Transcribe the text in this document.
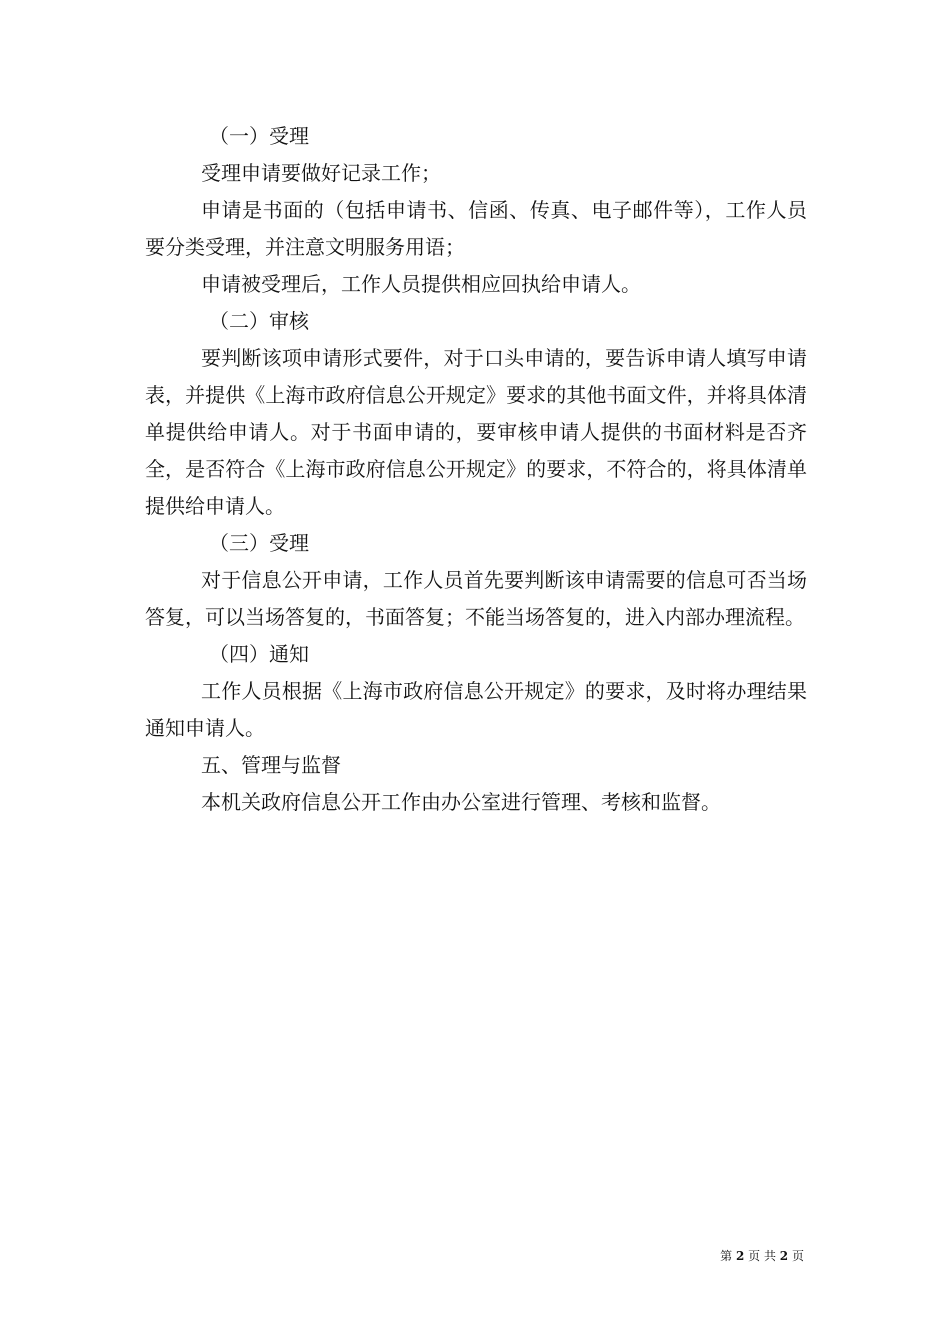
（一）受理

受理申请要做好记录工作；

申请是书面的（包括申请书、信函、传真、电子邮件等），工作人员要分类受理，并注意文明服务用语；

申请被受理后，工作人员提供相应回执给申请人。

（二）审核

要判断该项申请形式要件，对于口头申请的，要告诉申请人填写申请表，并提供《上海市政府信息公开规定》要求的其他书面文件，并将具体清单提供给申请人。对于书面申请的，要审核申请人提供的书面材料是否齐全，是否符合《上海市政府信息公开规定》的要求，不符合的，将具体清单提供给申请人。

（三）受理

对于信息公开申请，工作人员首先要判断该申请需要的信息可否当场答复，可以当场答复的，书面答复；不能当场答复的，进入内部办理流程。

（四）通知

工作人员根据《上海市政府信息公开规定》的要求，及时将办理结果通知申请人。

五、管理与监督

本机关政府信息公开工作由办公室进行管理、考核和监督。

第 2 页 共 2 页
